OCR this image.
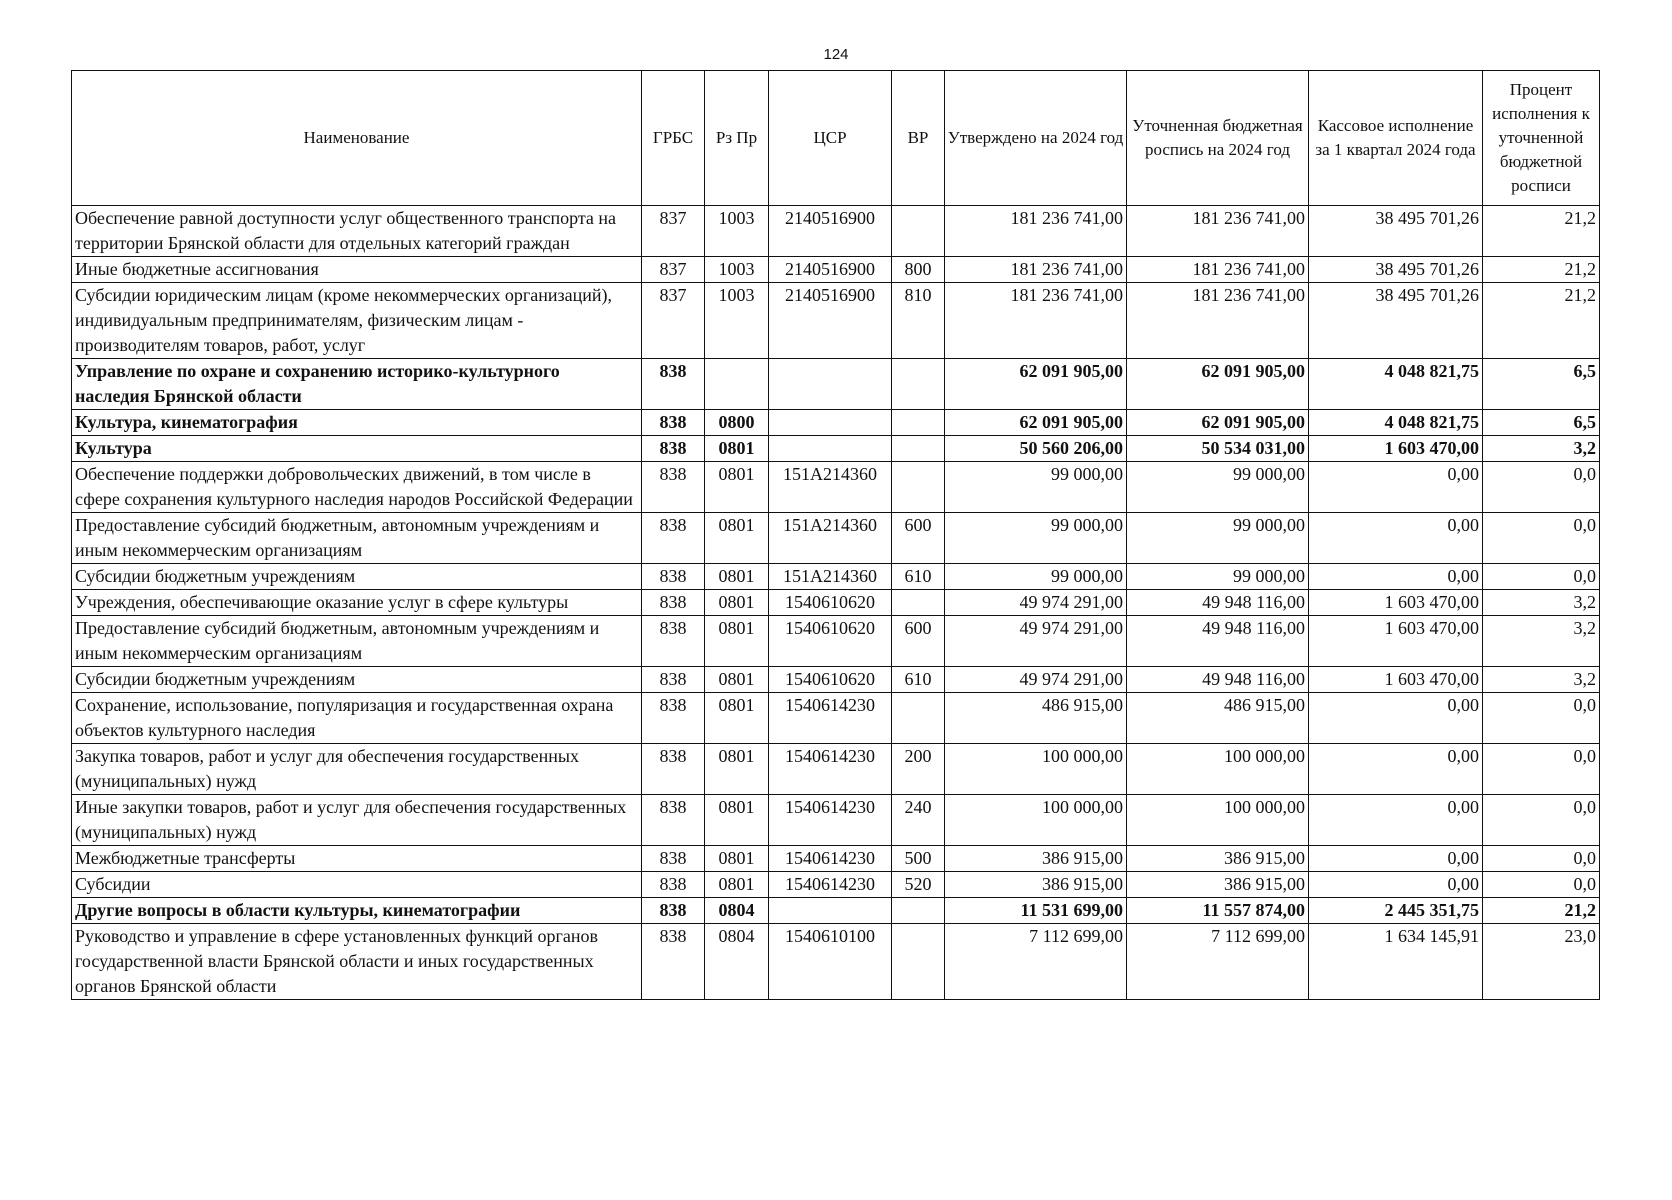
124
Наименование	ГРБС	Рз Пр	ЦСР	ВР	Утверждено на 2024 год	Уточненная бюджетная роспись на 2024 год	Кассовое исполнение за 1 квартал 2024 года	Процент исполнения к уточненной бюджетной росписи
Обеспечение равной доступности услуг общественного транспорта на территории Брянской области для отдельных категорий граждан	837	1003	2140516900		181 236 741,00	181 236 741,00	38 495 701,26	21,2
Иные бюджетные ассигнования	837	1003	2140516900	800	181 236 741,00	181 236 741,00	38 495 701,26	21,2
Субсидии юридическим лицам (кроме некоммерческих организаций), индивидуальным предпринимателям, физическим лицам - производителям товаров, работ, услуг	837	1003	2140516900	810	181 236 741,00	181 236 741,00	38 495 701,26	21,2
Управление по охране и сохранению историко-культурного наследия Брянской области	838				62 091 905,00	62 091 905,00	4 048 821,75	6,5
Культура, кинематография	838	0800			62 091 905,00	62 091 905,00	4 048 821,75	6,5
Культура	838	0801			50 560 206,00	50 534 031,00	1 603 470,00	3,2
Обеспечение поддержки добровольческих движений, в том числе в сфере сохранения культурного наследия народов Российской Федерации	838	0801	151A214360		99 000,00	99 000,00	0,00	0,0
Предоставление субсидий бюджетным, автономным учреждениям и иным некоммерческим организациям	838	0801	151A214360	600	99 000,00	99 000,00	0,00	0,0
Субсидии бюджетным учреждениям	838	0801	151A214360	610	99 000,00	99 000,00	0,00	0,0
Учреждения, обеспечивающие оказание услуг в сфере культуры	838	0801	1540610620		49 974 291,00	49 948 116,00	1 603 470,00	3,2
Предоставление субсидий бюджетным, автономным учреждениям и иным некоммерческим организациям	838	0801	1540610620	600	49 974 291,00	49 948 116,00	1 603 470,00	3,2
Субсидии бюджетным учреждениям	838	0801	1540610620	610	49 974 291,00	49 948 116,00	1 603 470,00	3,2
Сохранение, использование, популяризация и государственная охрана объектов культурного наследия	838	0801	1540614230		486 915,00	486 915,00	0,00	0,0
Закупка товаров, работ и услуг для обеспечения государственных (муниципальных) нужд	838	0801	1540614230	200	100 000,00	100 000,00	0,00	0,0
Иные закупки товаров, работ и услуг для обеспечения государственных (муниципальных) нужд	838	0801	1540614230	240	100 000,00	100 000,00	0,00	0,0
Межбюджетные трансферты	838	0801	1540614230	500	386 915,00	386 915,00	0,00	0,0
Субсидии	838	0801	1540614230	520	386 915,00	386 915,00	0,00	0,0
Другие вопросы в области культуры, кинематографии	838	0804			11 531 699,00	11 557 874,00	2 445 351,75	21,2
Руководство и управление в сфере установленных функций органов государственной власти Брянской области и иных государственных органов Брянской области	838	0804	1540610100		7 112 699,00	7 112 699,00	1 634 145,91	23,0
